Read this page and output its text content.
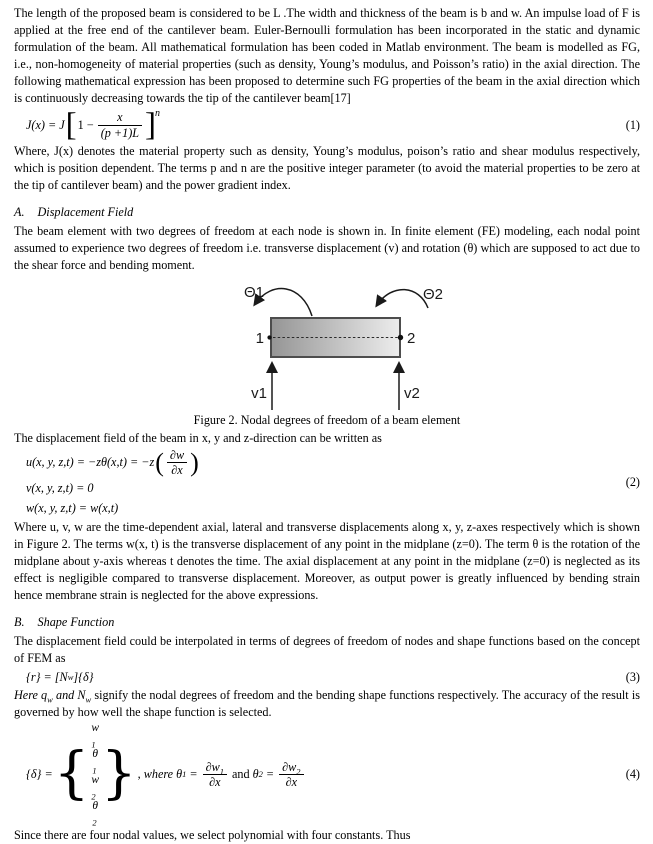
The length of the proposed beam is considered to be L .The width and thickness of the beam is b and w. An impulse load of F is applied at the free end of the cantilever beam. Euler-Bernoulli formulation has been incorporated in the static and dynamic formulation of the beam. All mathematical formulation has been coded in Matlab environment. The beam is modelled as FG, i.e., non-homogeneity of material properties (such as density, Young’s modulus, and Poisson’s ratio) in the axial direction. The following mathematical expression has been proposed to determine such FG properties of the beam in the axial direction which is continuously decreasing towards the tip of the cantilever beam[17]

J(x) = J [ $1 - \frac{x}{(p +1)L}$ ] n
(1)

Where, J(x) denotes the material property such as density, Young’s modulus, poison’s ratio and shear modulus respectively, which is position dependent. The terms p and n are the positive integer parameter (to avoid the material properties to be zero at the tip of cantilever beam) and the power gradient index.

A. Displacement Field

The beam element with two degrees of freedom at each node is shown in. In finite element (FE) modeling, each nodal point assumed to experience two degrees of freedom i.e. transverse displacement (v) and rotation (θ) which are supposed to act due to the shear force and bending moment.

Θ1	Θ2
1	2
v1	v2
Figure 2. Nodal degrees of freedom of a beam element

The displacement field of the beam in x, y and z-direction can be written as

u(x, y, z,t) = −zθ(x,t) = −z ( $\frac{\partial w}{\partial x}$ )
v(x, y, z,t) = 0
w(x, y, z,t) = w(x,t)
(2)

Where u, v, w are the time-dependent axial, lateral and transverse displacements along x, y, z-axes respectively which is shown in Figure 2. The terms w(x, t) is the transverse displacement of any point in the midplane (z=0). The term θ is the rotation of the midplane about y-axis whereas t denotes the time. The axial displacement at any point in the midplane (z=0) is neglected as its effect is negligible compared to transverse displacement. Moreover, as output power is greatly influenced by bending strain hence membrane strain is neglected for the above expressions.

B. Shape Function

The displacement field could be interpolated in terms of degrees of freedom of nodes and shape functions based on the concept of FEM as

{r} = [N w ]{δ}	(3)

Here $q_w$ and $N_w$ signify the nodal degrees of freedom and the bending shape functions respectively. The accuracy of the result is governed by how well the shape function is selected.

{δ} = {
w
$_1$
θ
$_1$
w
$_2$
θ
$_2$
} , where θ $1 = \frac{\partial w_1}{\partial x}$ and θ $2 = \frac{\partial w_2}{\partial x}$	(4)

Since there are four nodal values, we select polynomial with four constants. Thus
